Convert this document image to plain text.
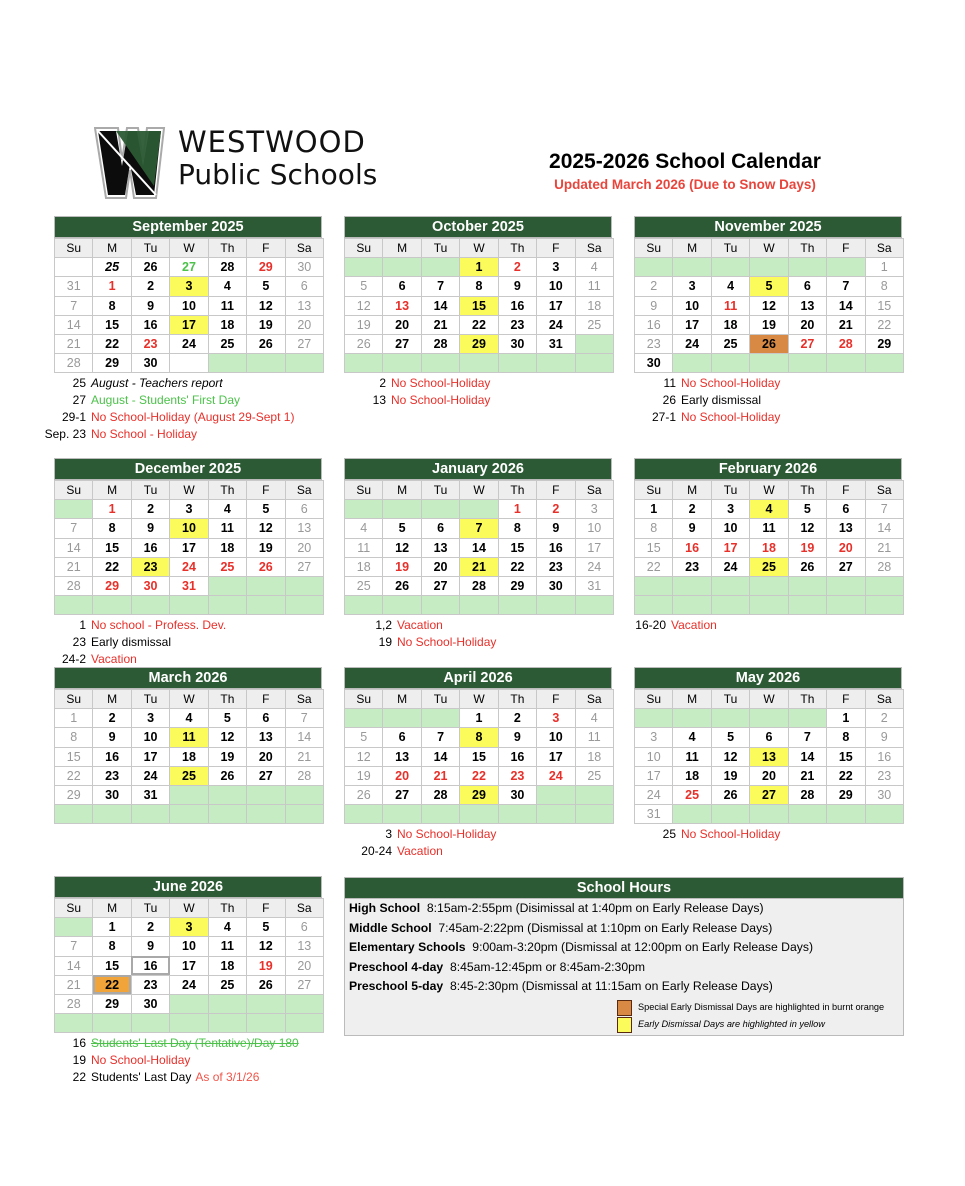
WESTWOOD
Public Schools	2025-2026 School Calendar
Updated March 2026 (Due to Snow Days)
September 2025
Su	M	Tu	W	Th	F	Sa
	25	26	27	28	29	30
31	1	2	3	4	5	6
7	8	9	10	11	12	13
14	15	16	17	18	19	20
21	22	23	24	25	26	27
28	29	30				
25 August - Teachers report
27 August - Students' First Day
29-1 No School-Holiday (August 29-Sept 1)
Sep. 23 No School - Holiday
October 2025
Su	M	Tu	W	Th	F	Sa
			1	2	3	4
5	6	7	8	9	10	11
12	13	14	15	16	17	18
19	20	21	22	23	24	25
26	27	28	29	30	31	

2 No School-Holiday
13 No School-Holiday
November 2025
Su	M	Tu	W	Th	F	Sa
						1
2	3	4	5	6	7	8
9	10	11	12	13	14	15
16	17	18	19	20	21	22
23	24	25	26	27	28	29
30						
11 No School-Holiday
26 Early dismissal
27-1 No School-Holiday
December 2025
Su	M	Tu	W	Th	F	Sa
	1	2	3	4	5	6
7	8	9	10	11	12	13
14	15	16	17	18	19	20
21	22	23	24	25	26	27
28	29	30	31			

1 No school - Profess. Dev.
23 Early dismissal
24-2 Vacation
January 2026
Su	M	Tu	W	Th	F	Sa
				1	2	3
4	5	6	7	8	9	10
11	12	13	14	15	16	17
18	19	20	21	22	23	24
25	26	27	28	29	30	31

1,2 Vacation
19 No School-Holiday
February 2026
Su	M	Tu	W	Th	F	Sa
1	2	3	4	5	6	7
8	9	10	11	12	13	14
15	16	17	18	19	20	21
22	23	24	25	26	27	28

16-20 Vacation
March 2026
Su	M	Tu	W	Th	F	Sa
1	2	3	4	5	6	7
8	9	10	11	12	13	14
15	16	17	18	19	20	21
22	23	24	25	26	27	28
29	30	31				

April 2026
Su	M	Tu	W	Th	F	Sa
			1	2	3	4
5	6	7	8	9	10	11
12	13	14	15	16	17	18
19	20	21	22	23	24	25
26	27	28	29	30		

3 No School-Holiday
20-24 Vacation
May 2026
Su	M	Tu	W	Th	F	Sa
					1	2
3	4	5	6	7	8	9
10	11	12	13	14	15	16
17	18	19	20	21	22	23
24	25	26	27	28	29	30
31						
25 No School-Holiday
June 2026
Su	M	Tu	W	Th	F	Sa
	1	2	3	4	5	6
7	8	9	10	11	12	13
14	15	16	17	18	19	20
21	22	23	24	25	26	27
28	29	30				

16 Students' Last Day (Tentative)/Day 180
19 No School-Holiday
22 Students' Last Day As of 3/1/26
School Hours
High School 8:15am-2:55pm (Disimissal at 1:40pm on Early Release Days)
Middle School 7:45am-2:22pm (Dismissal at 1:10pm on Early Release Days)
Elementary Schools 9:00am-3:20pm (Dismissal at 12:00pm on Early Release Days)
Preschool 4-day 8:45am-12:45pm or 8:45am-2:30pm
Preschool 5-day 8:45-2:30pm (Dismissal at 11:15am on Early Release Days)
Special Early Dismissal Days are highlighted in burnt orange
Early Dismissal Days are highlighted in yellow
